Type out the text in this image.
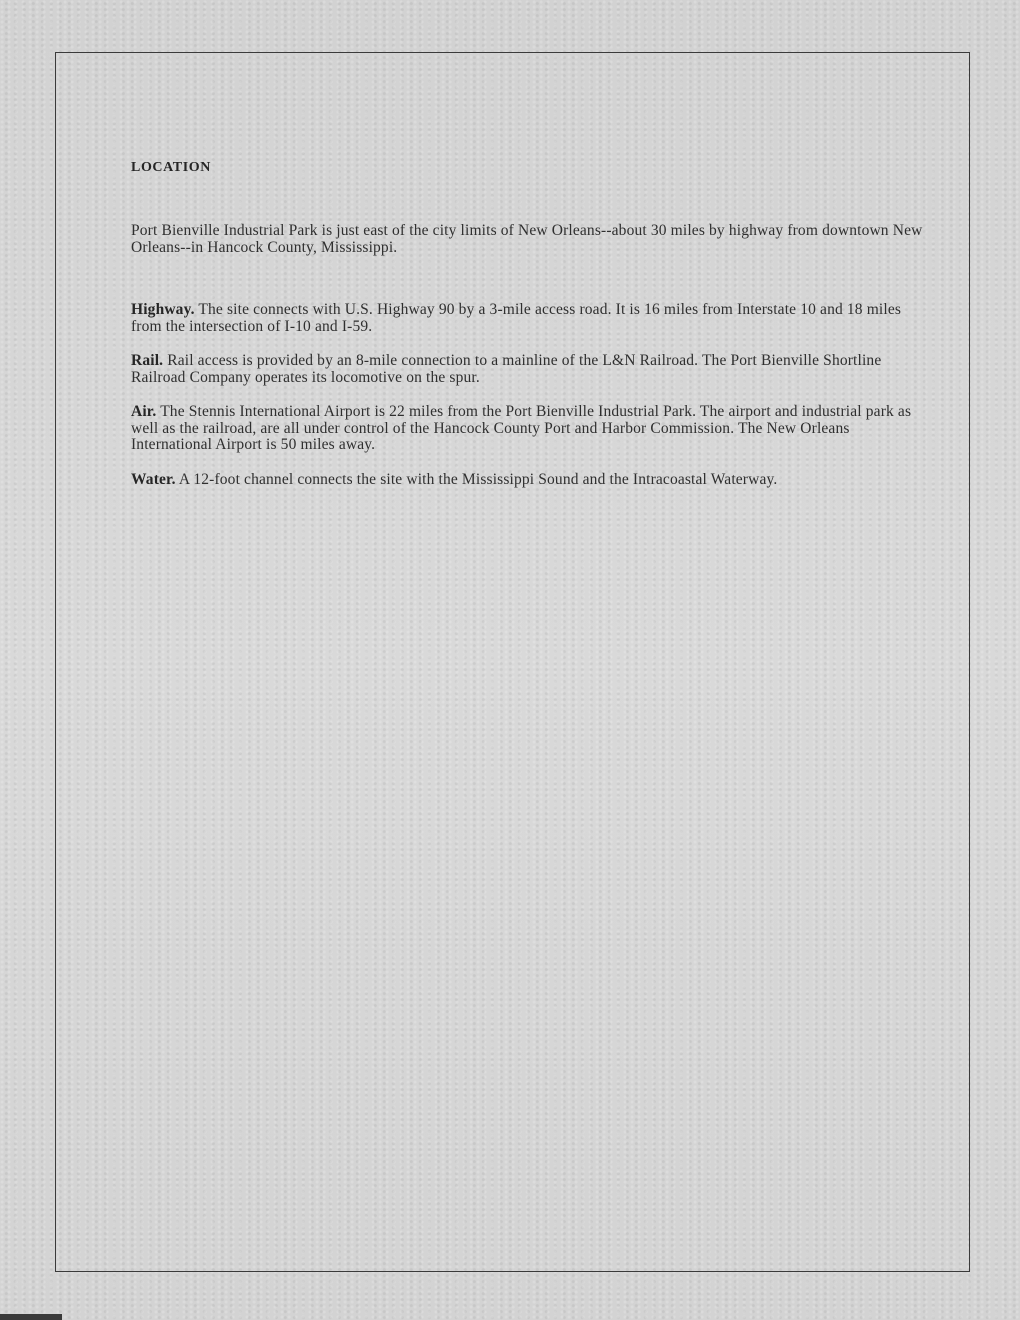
LOCATION

Port Bienville Industrial Park is just east of the city limits of New Orleans--about 30 miles by highway from downtown New Orleans--in Hancock County, Mississippi.

Highway. The site connects with U.S. Highway 90 by a 3-mile access road. It is 16 miles from Interstate 10 and 18 miles from the intersection of I-10 and I-59.

Rail. Rail access is provided by an 8-mile connection to a mainline of the L&N Railroad. The Port Bienville Shortline Railroad Company operates its locomotive on the spur.

Air. The Stennis International Airport is 22 miles from the Port Bienville Industrial Park. The airport and industrial park as well as the railroad, are all under control of the Hancock County Port and Harbor Commission. The New Orleans International Airport is 50 miles away.

Water. A 12-foot channel connects the site with the Mississippi Sound and the Intracoastal Waterway.
